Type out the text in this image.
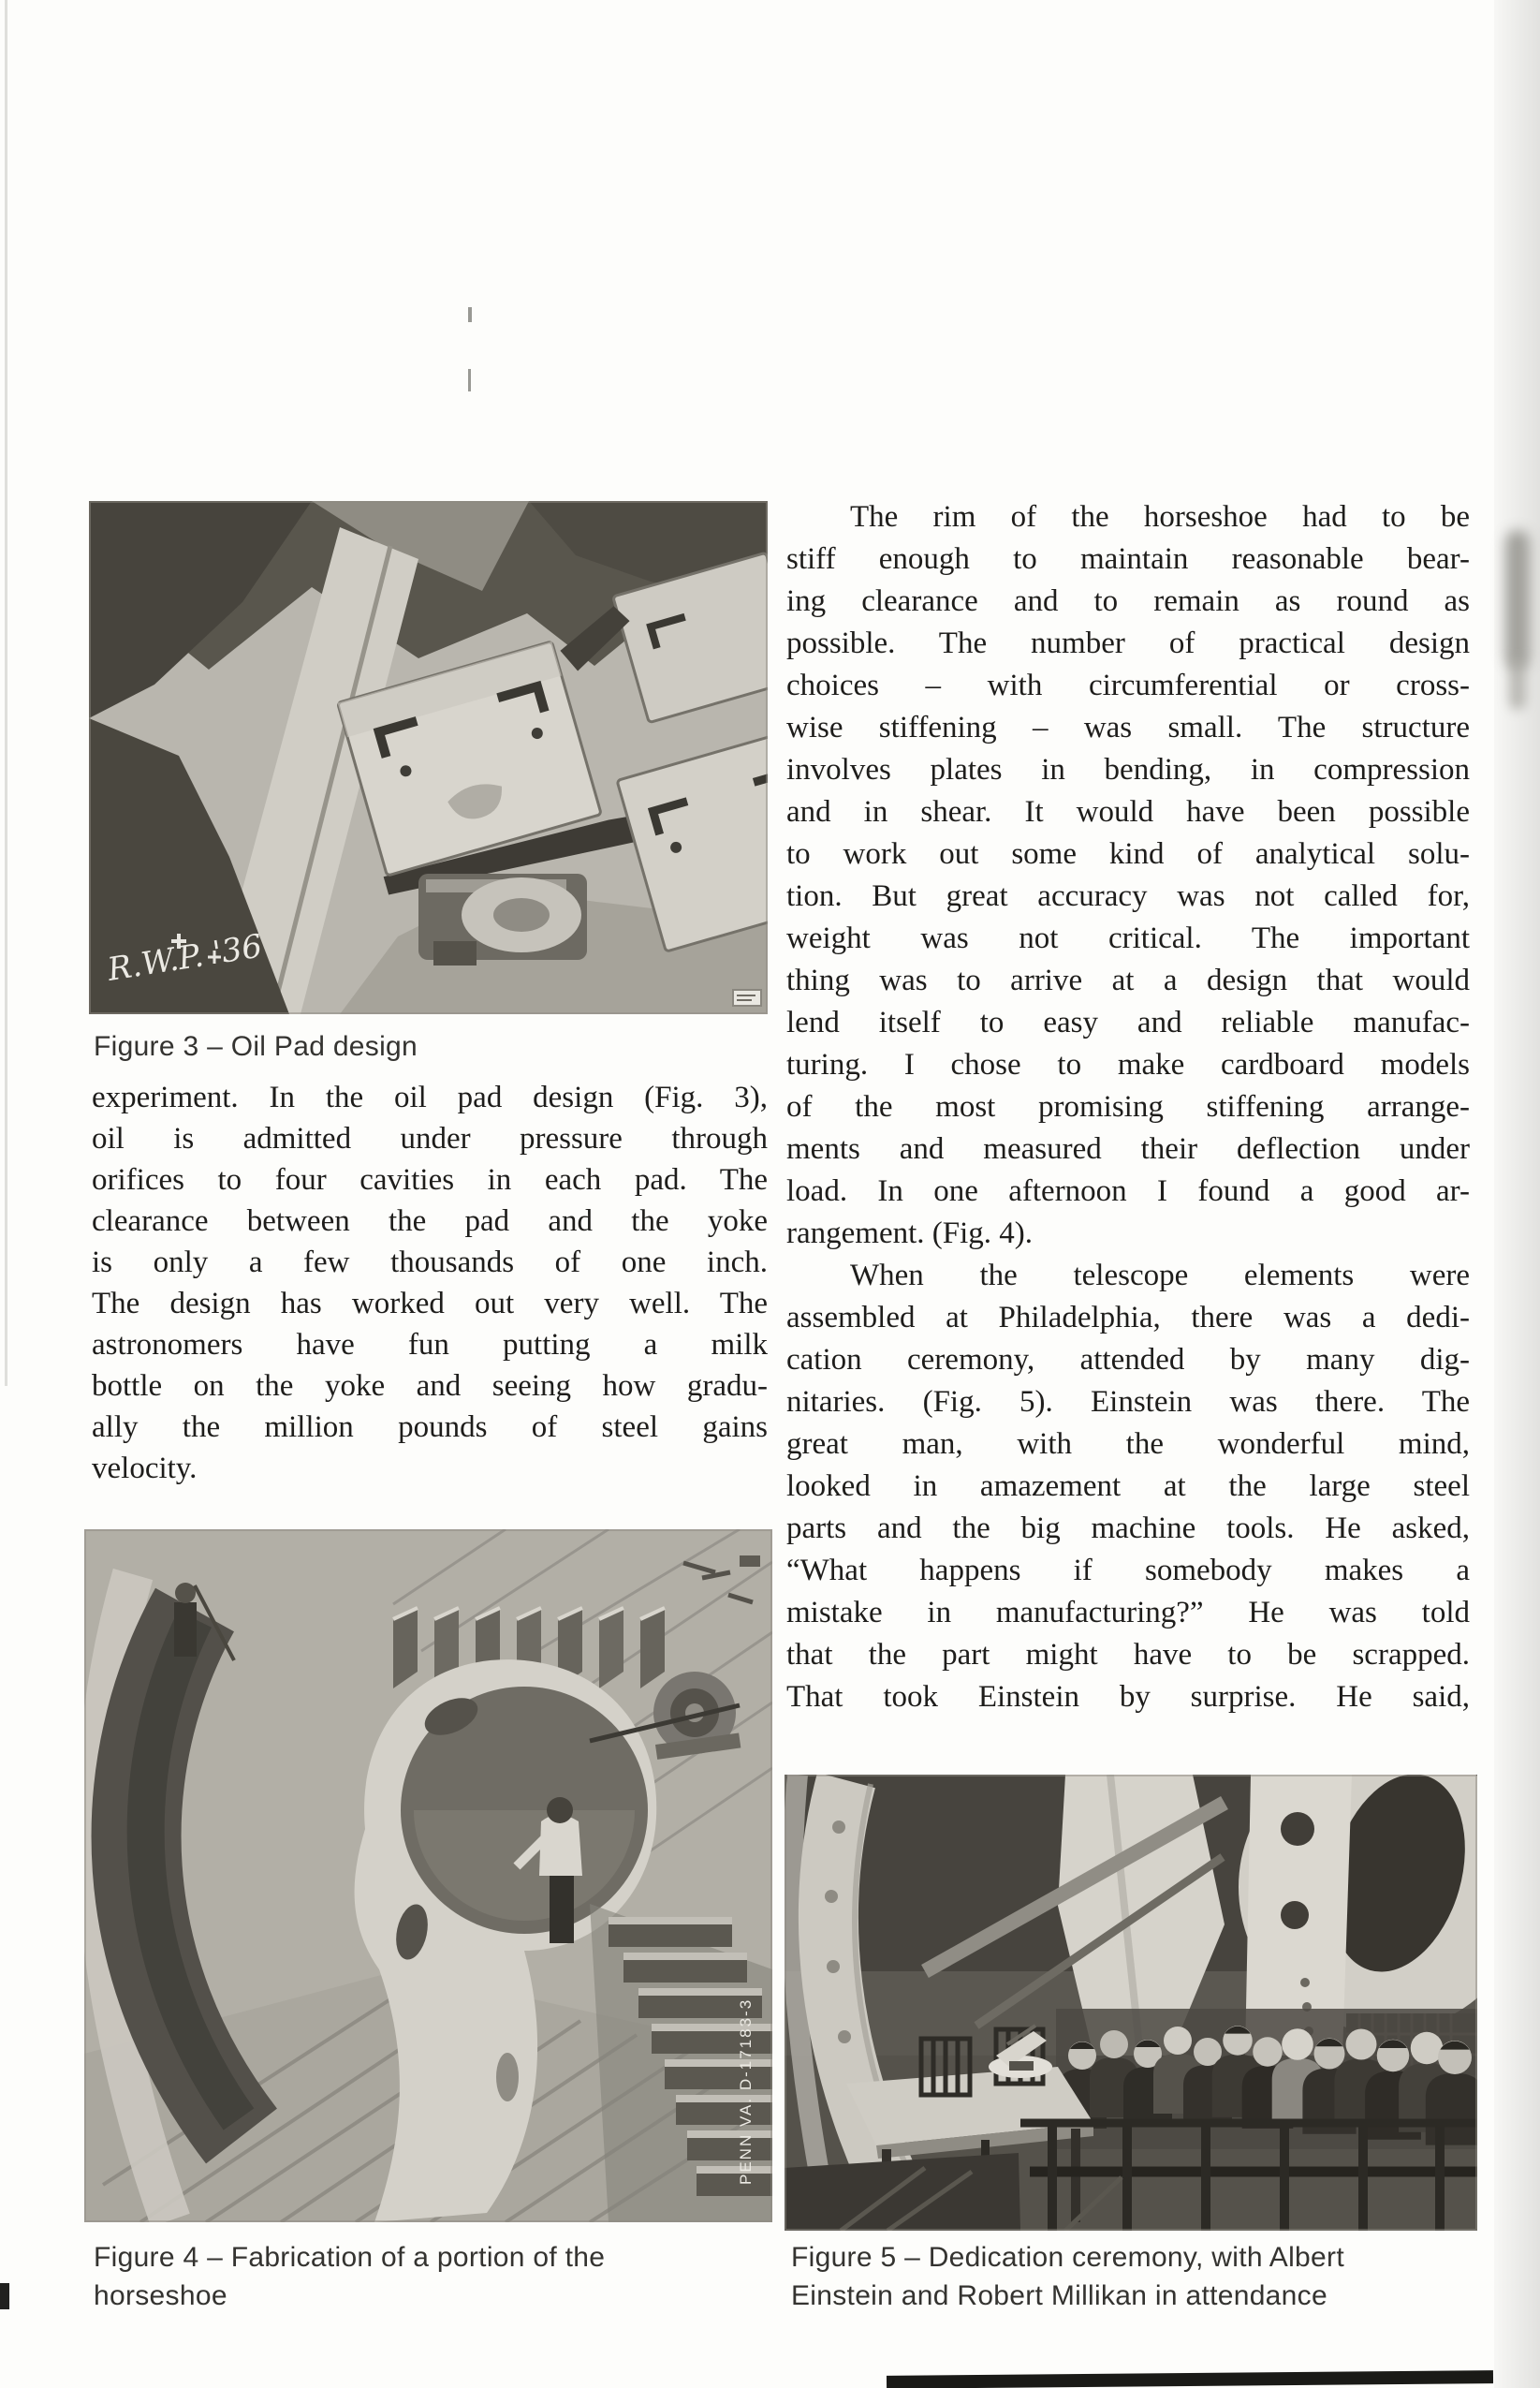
R.W.P. '36
Figure 3 – Oil Pad design
experiment. In the oil pad design (Fig. 3),
oil is admitted under pressure through
orifices to four cavities in each pad. The
clearance between the pad and the yoke
is only a few thousands of one inch.
The design has worked out very well. The
astronomers have fun putting a milk
bottle on the yoke and seeing how gradu-
ally the million pounds of steel gains
velocity.
PENN VA. D-17183-3
Figure 4 – Fabrication of a portion of the
horseshoe
The rim of the horseshoe had to be
stiff enough to maintain reasonable bear-
ing clearance and to remain as round as
possible. The number of practical design
choices – with circumferential or cross-
wise stiffening – was small. The structure
involves plates in bending, in compression
and in shear. It would have been possible
to work out some kind of analytical solu-
tion. But great accuracy was not called for,
weight was not critical. The important
thing was to arrive at a design that would
lend itself to easy and reliable manufac-
turing. I chose to make cardboard models
of the most promising stiffening arrange-
ments and measured their deflection under
load. In one afternoon I found a good ar-
rangement. (Fig. 4).
When the telescope elements were
assembled at Philadelphia, there was a dedi-
cation ceremony, attended by many dig-
nitaries. (Fig. 5). Einstein was there. The
great man, with the wonderful mind,
looked in amazement at the large steel
parts and the big machine tools. He asked,
“What happens if somebody makes a
mistake in manufacturing?” He was told
that the part might have to be scrapped.
That took Einstein by surprise. He said,
Figure 5 – Dedication ceremony, with Albert
Einstein and Robert Millikan in attendance
